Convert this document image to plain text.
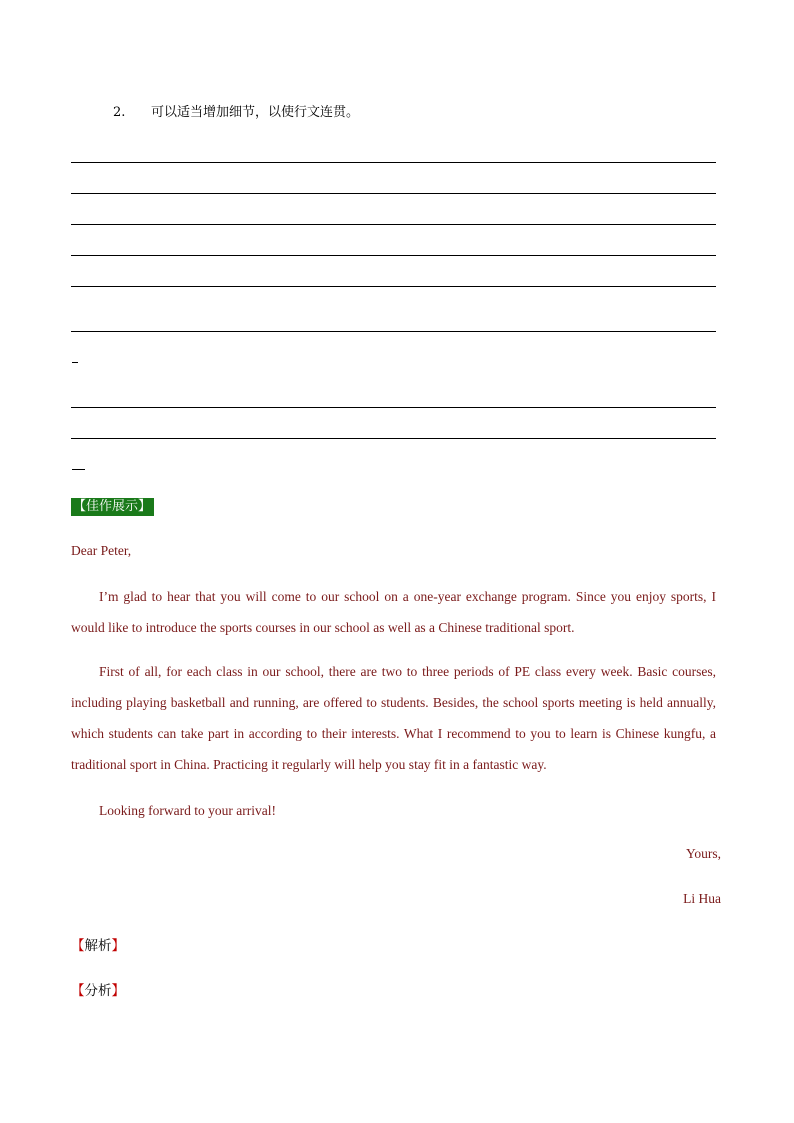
2. 可以适当增加细节，以使行文连贯。
【佳作展示】
Dear Peter,
I’m glad to hear that you will come to our school on a one-year exchange program. Since you enjoy sports, I would like to introduce the sports courses in our school as well as a Chinese traditional sport.
First of all, for each class in our school, there are two to three periods of PE class every week. Basic courses, including playing basketball and running, are offered to students. Besides, the school sports meeting is held annually, which students can take part in according to their interests. What I recommend to you to learn is Chinese kungfu, a traditional sport in China. Practicing it regularly will help you stay fit in a fantastic way.
Looking forward to your arrival!
Yours,
Li Hua
【解析】
【分析】
